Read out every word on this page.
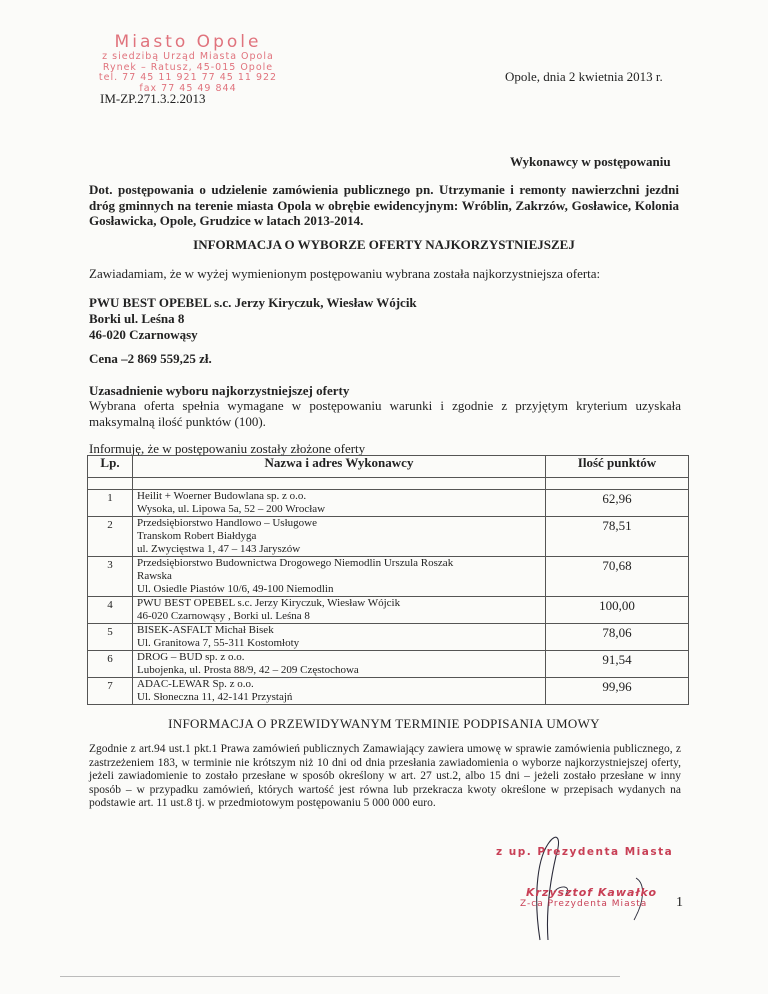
Miasto Opole
z siedzibą Urząd Miasta Opola
Rynek – Ratusz, 45-015 Opole
tel. 77 45 11 921 77 45 11 922
fax 77 45 49 844
Opole, dnia 2 kwietnia 2013 r.
IM-ZP.271.3.2.2013
Wykonawcy w postępowaniu
Dot. postępowania o udzielenie zamówienia publicznego pn. Utrzymanie i remonty nawierzchni jezdni dróg gminnych na terenie miasta Opola w obrębie ewidencyjnym: Wróblin, Zakrzów, Gosławice, Kolonia Gosławicka, Opole, Grudzice w latach 2013-2014.
INFORMACJA O WYBORZE OFERTY NAJKORZYSTNIEJSZEJ
Zawiadamiam, że w wyżej wymienionym postępowaniu wybrana została najkorzystniejsza oferta:
PWU BEST OPEBEL s.c. Jerzy Kiryczuk, Wiesław Wójcik
Borki ul. Leśna 8
46-020 Czarnowąsy
Cena –2 869 559,25 zł.
Uzasadnienie wyboru najkorzystniejszej oferty
Wybrana oferta spełnia wymagane w postępowaniu warunki i zgodnie z przyjętym kryterium uzyskała maksymalną ilość punktów (100).
Informuję, że w postępowaniu zostały złożone oferty
Lp.	Nazwa i adres Wykonawcy	Ilość punktów

1	Heilit + Woerner Budowlana sp. z o.o.
Wysoka, ul. Lipowa 5a, 52 – 200 Wrocław	62,96
2	Przedsiębiorstwo Handlowo – Usługowe
Transkom Robert Białdyga
ul. Zwycięstwa 1, 47 – 143 Jaryszów	78,51
3	Przedsiębiorstwo Budownictwa Drogowego Niemodlin Urszula Roszak
Rawska
Ul. Osiedle Piastów 10/6, 49-100 Niemodlin	70,68
4	PWU BEST OPEBEL s.c. Jerzy Kiryczuk, Wiesław Wójcik
46-020 Czarnowąsy , Borki ul. Leśna 8	100,00
5	BISEK-ASFALT Michał Bisek
Ul. Granitowa 7, 55-311 Kostomłoty	78,06
6	DROG – BUD sp. z o.o.
Lubojenka, ul. Prosta 88/9, 42 – 209 Częstochowa	91,54
7	ADAC-LEWAR Sp. z o.o.
Ul. Słoneczna 11, 42-141 Przystajń	99,96
INFORMACJA O PRZEWIDYWANYM TERMINIE PODPISANIA UMOWY
Zgodnie z art.94 ust.1 pkt.1 Prawa zamówień publicznych Zamawiający zawiera umowę w sprawie zamówienia publicznego, z zastrzeżeniem 183, w terminie nie krótszym niż 10 dni od dnia przesłania zawiadomienia o wyborze najkorzystniejszej oferty, jeżeli zawiadomienie to zostało przesłane w sposób określony w art. 27 ust.2, albo 15 dni – jeżeli zostało przesłane w inny sposób – w przypadku zamówień, których wartość jest równa lub przekracza kwoty określone w przepisach wydanych na podstawie art. 11 ust.8 tj. w przedmiotowym postępowaniu 5 000 000 euro.
z up. Prezydenta Miasta
Krzysztof Kawałko
Z-ca Prezydenta Miasta 1
